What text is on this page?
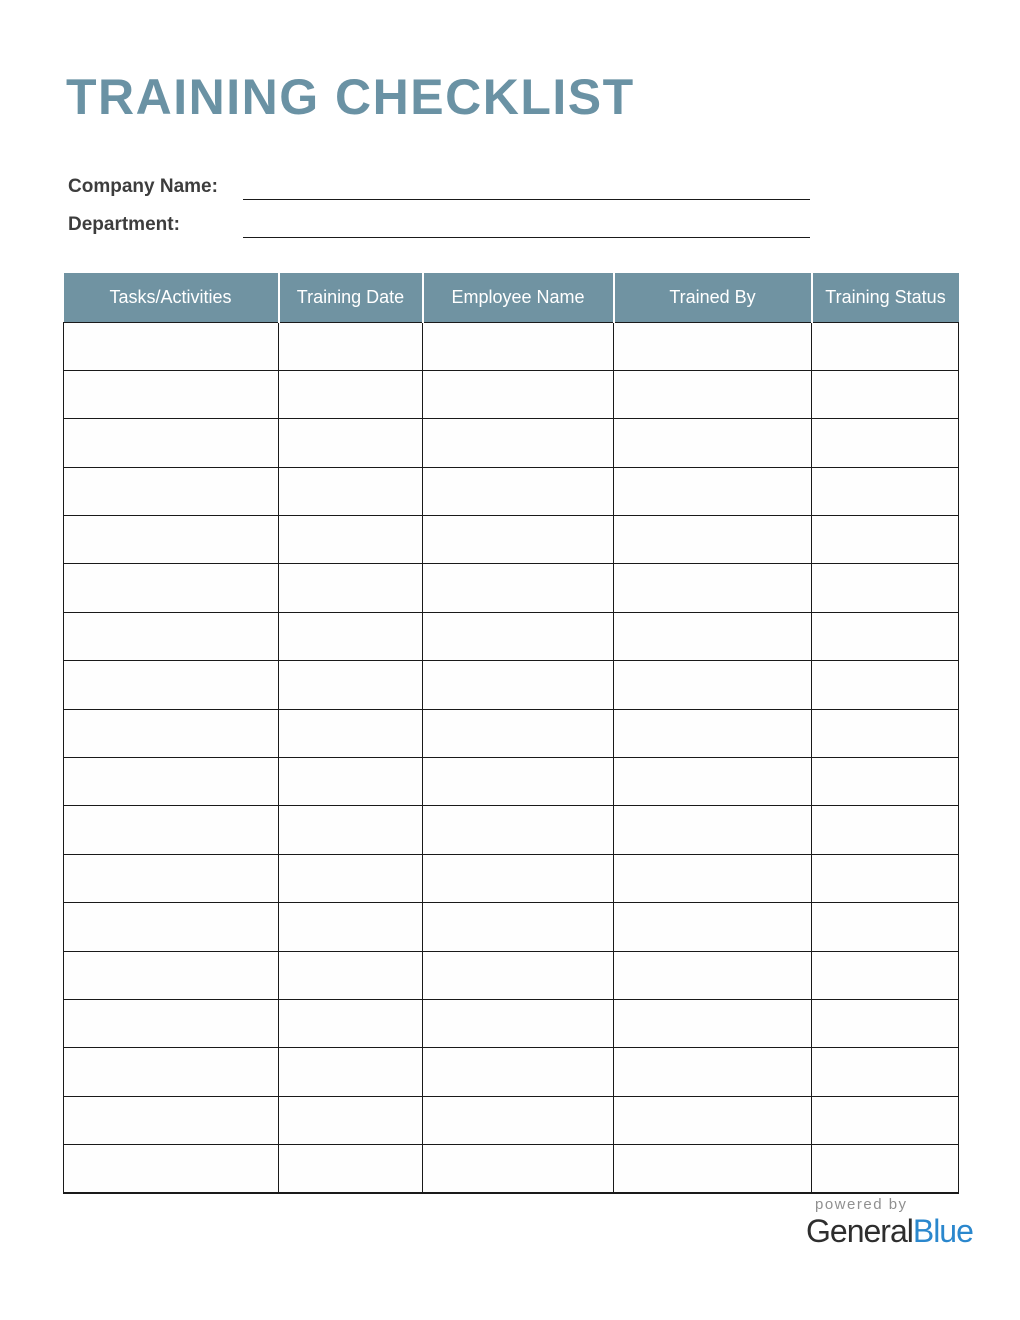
TRAINING CHECKLIST
Company Name:
Department:
Tasks/Activities	Training Date	Employee Name	Trained By	Training Status

powered by
GeneralBlue
